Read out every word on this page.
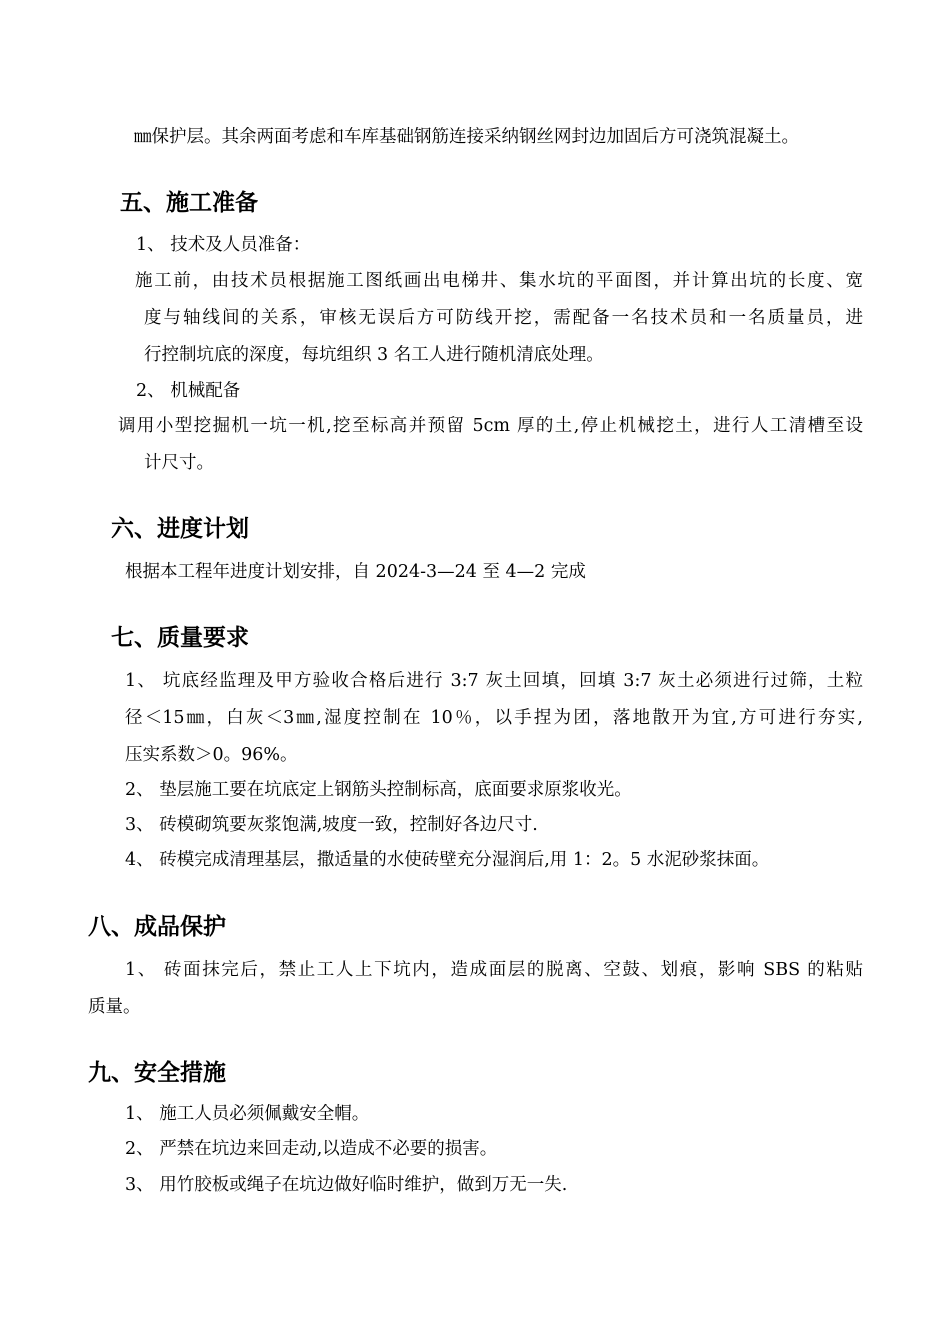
㎜保护层。其余两面考虑和车库基础钢筋连接采纳钢丝网封边加固后方可浇筑混凝土。
五、施工准备
1、 技术及人员准备：
施工前，由技术员根据施工图纸画出电梯井、集水坑的平面图，并计算出坑的长度、宽
度与轴线间的关系，审核无误后方可防线开挖，需配备一名技术员和一名质量员，进
行控制坑底的深度，每坑组织 3 名工人进行随机清底处理。
2、 机械配备
调用小型挖掘机一坑一机,挖至标高并预留 5cm 厚的土,停止机械挖土，进行人工清槽至设
计尺寸。
六、进度计划
根据本工程年进度计划安排，自 2024-3—24 至 4—2 完成
七、质量要求
1、 坑底经监理及甲方验收合格后进行 3:7 灰土回填，回填 3:7 灰土必须进行过筛，土粒
径＜15㎜，白灰＜3㎜,湿度控制在 10％，以手捏为团，落地散开为宜,方可进行夯实,
压实系数＞0。96%。
2、 垫层施工要在坑底定上钢筋头控制标高，底面要求原浆收光。
3、 砖模砌筑要灰浆饱满,坡度一致，控制好各边尺寸.
4、 砖模完成清理基层，撒适量的水使砖壁充分湿润后,用 1：2。5 水泥砂浆抹面。
八、成品保护
1、 砖面抹完后，禁止工人上下坑内，造成面层的脱离、空鼓、划痕，影响 SBS 的粘贴
质量。
九、安全措施
1、 施工人员必须佩戴安全帽。
2、 严禁在坑边来回走动,以造成不必要的损害。
3、 用竹胶板或绳子在坑边做好临时维护，做到万无一失.
